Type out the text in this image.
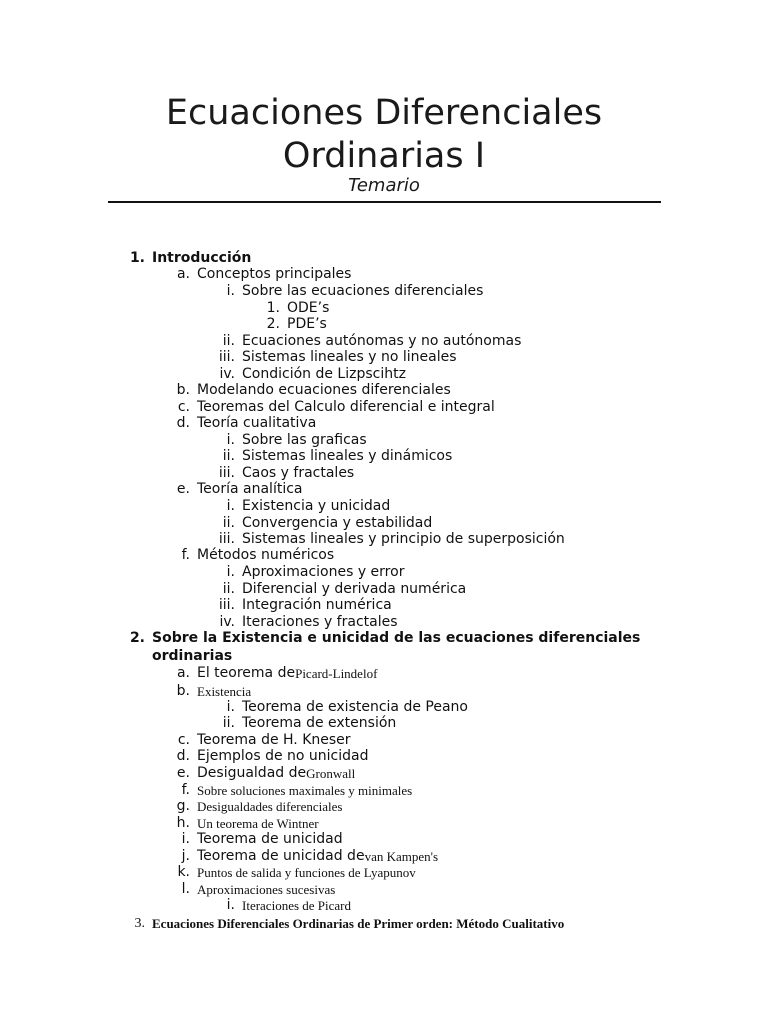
Ecuaciones Diferenciales
Ordinarias I
Temario
1. Introducción
a. Conceptos principales
i. Sobre las ecuaciones diferenciales
1. ODE’s
2. PDE’s
ii. Ecuaciones autónomas y no autónomas
iii. Sistemas lineales y no lineales
iv. Condición de Lizpscihtz
b. Modelando ecuaciones diferenciales
c. Teoremas del Calculo diferencial e integral
d. Teoría cualitativa
i. Sobre las graficas
ii. Sistemas lineales y dinámicos
iii. Caos y fractales
e. Teoría analítica
i. Existencia y unicidad
ii. Convergencia y estabilidad
iii. Sistemas lineales y principio de superposición
f. Métodos numéricos
i. Aproximaciones y error
ii. Diferencial y derivada numérica
iii. Integración numérica
iv. Iteraciones y fractales
2. Sobre la Existencia e unicidad de las ecuaciones diferenciales
ordinarias
a. El teorema de Picard-Lindelof
b. Existencia
i. Teorema de existencia de Peano
ii. Teorema de extensión
c. Teorema de H. Kneser
d. Ejemplos de no unicidad
e. Desigualdad de Gronwall
f. Sobre soluciones maximales y minimales
g. Desigualdades diferenciales
h. Un teorema de Wintner
i. Teorema de unicidad
j. Teorema de unicidad de van Kampen's
k. Puntos de salida y funciones de Lyapunov
l. Aproximaciones sucesivas
i. Iteraciones de Picard
3. Ecuaciones Diferenciales Ordinarias de Primer orden: Método Cualitativo
